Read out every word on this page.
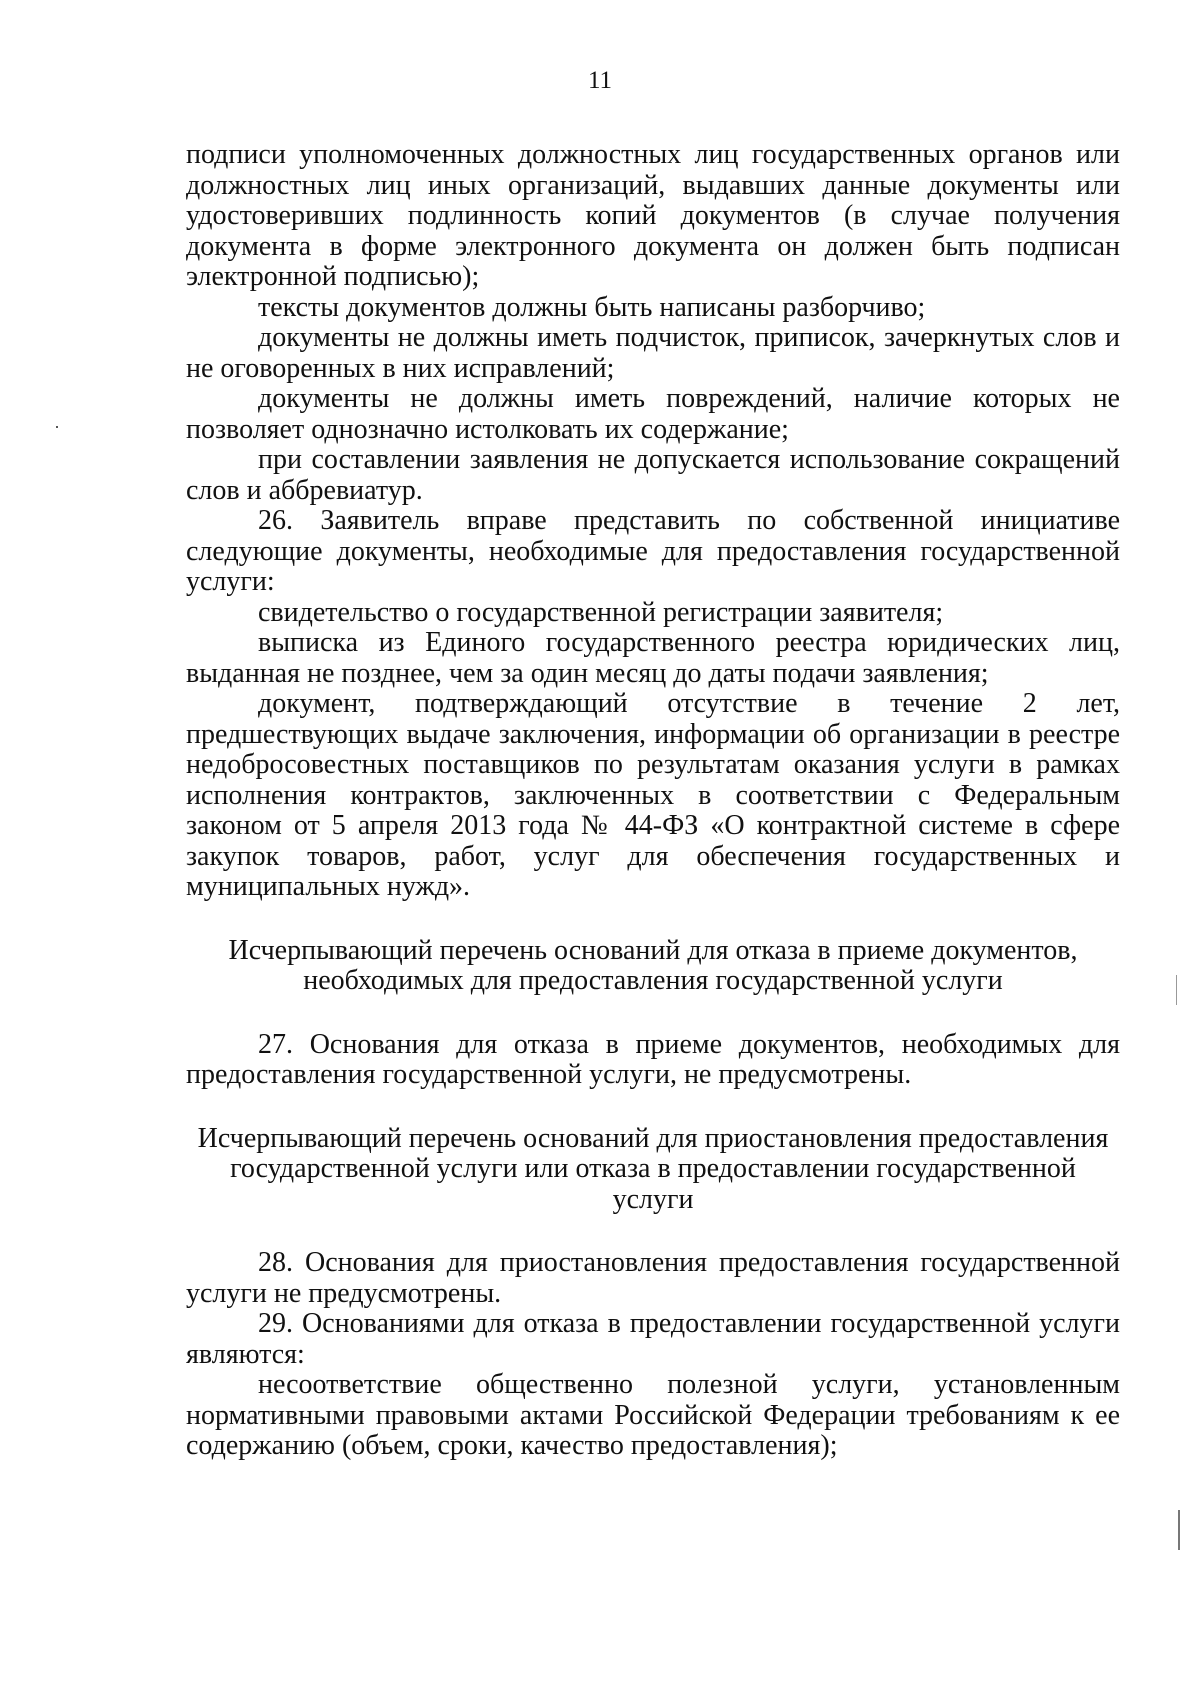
11

подписи уполномоченных должностных лиц государственных органов или должностных лиц иных организаций, выдавших данные документы или удостоверивших подлинность копий документов (в случае получения документа в форме электронного документа он должен быть подписан электронной подписью);

тексты документов должны быть написаны разборчиво;

документы не должны иметь подчисток, приписок, зачеркнутых слов и не оговоренных в них исправлений;

документы не должны иметь повреждений, наличие которых не позволяет однозначно истолковать их содержание;

при составлении заявления не допускается использование сокращений слов и аббревиатур.

26. Заявитель вправе представить по собственной инициативе следующие документы, необходимые для предоставления государственной услуги:

свидетельство о государственной регистрации заявителя;

выписка из Единого государственного реестра юридических лиц, выданная не позднее, чем за один месяц до даты подачи заявления;

документ, подтверждающий отсутствие в течение 2 лет, предшествующих выдаче заключения, информации об организации в реестре недобросовестных поставщиков по результатам оказания услуги в рамках исполнения контрактов, заключенных в соответствии с Федеральным законом от 5 апреля 2013 года № 44-ФЗ «О контрактной системе в сфере закупок товаров, работ, услуг для обеспечения государственных и муниципальных нужд».

Исчерпывающий перечень оснований для отказа в приеме документов,
необходимых для предоставления государственной услуги

27. Основания для отказа в приеме документов, необходимых для предоставления государственной услуги, не предусмотрены.

Исчерпывающий перечень оснований для приостановления предоставления
государственной услуги или отказа в предоставлении государственной
услуги

28. Основания для приостановления предоставления государственной услуги не предусмотрены.

29. Основаниями для отказа в предоставлении государственной услуги являются:

несоответствие общественно полезной услуги, установленным нормативными правовыми актами Российской Федерации требованиям к ее содержанию (объем, сроки, качество предоставления);
